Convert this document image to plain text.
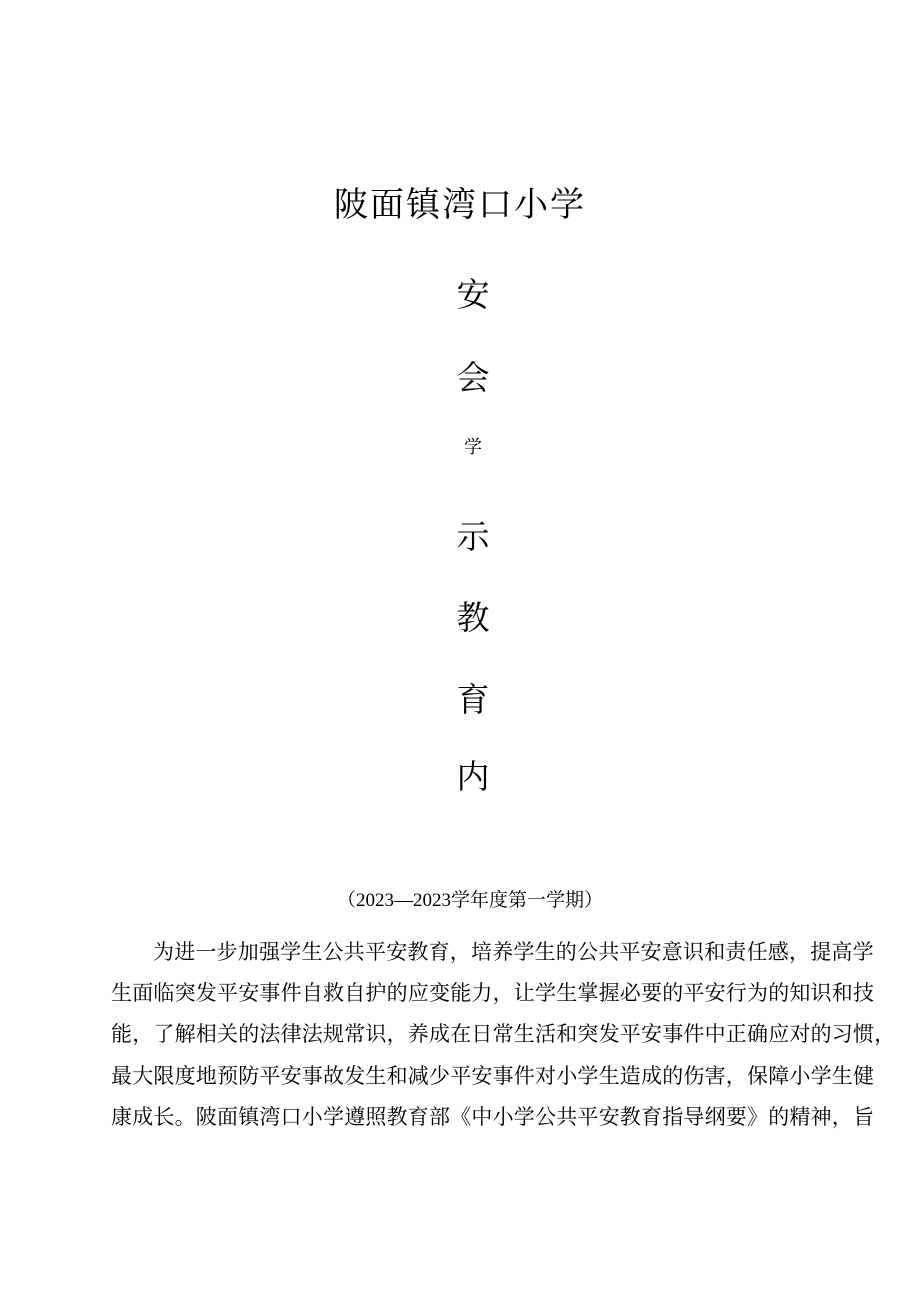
陂面镇湾口小学
安
会
学
示
教
育
内
（2023—2023学年度第一学期）
为进一步加强学生公共平安教育，培养学生的公共平安意识和责任感，提高学
生面临突发平安事件自救自护的应变能力，让学生掌握必要的平安行为的知识和技
能，了解相关的法律法规常识，养成在日常生活和突发平安事件中正确应对的习惯，
最大限度地预防平安事故发生和减少平安事件对小学生造成的伤害，保障小学生健
康成长。陂面镇湾口小学遵照教育部《中小学公共平安教育指导纲要》的精神，旨
